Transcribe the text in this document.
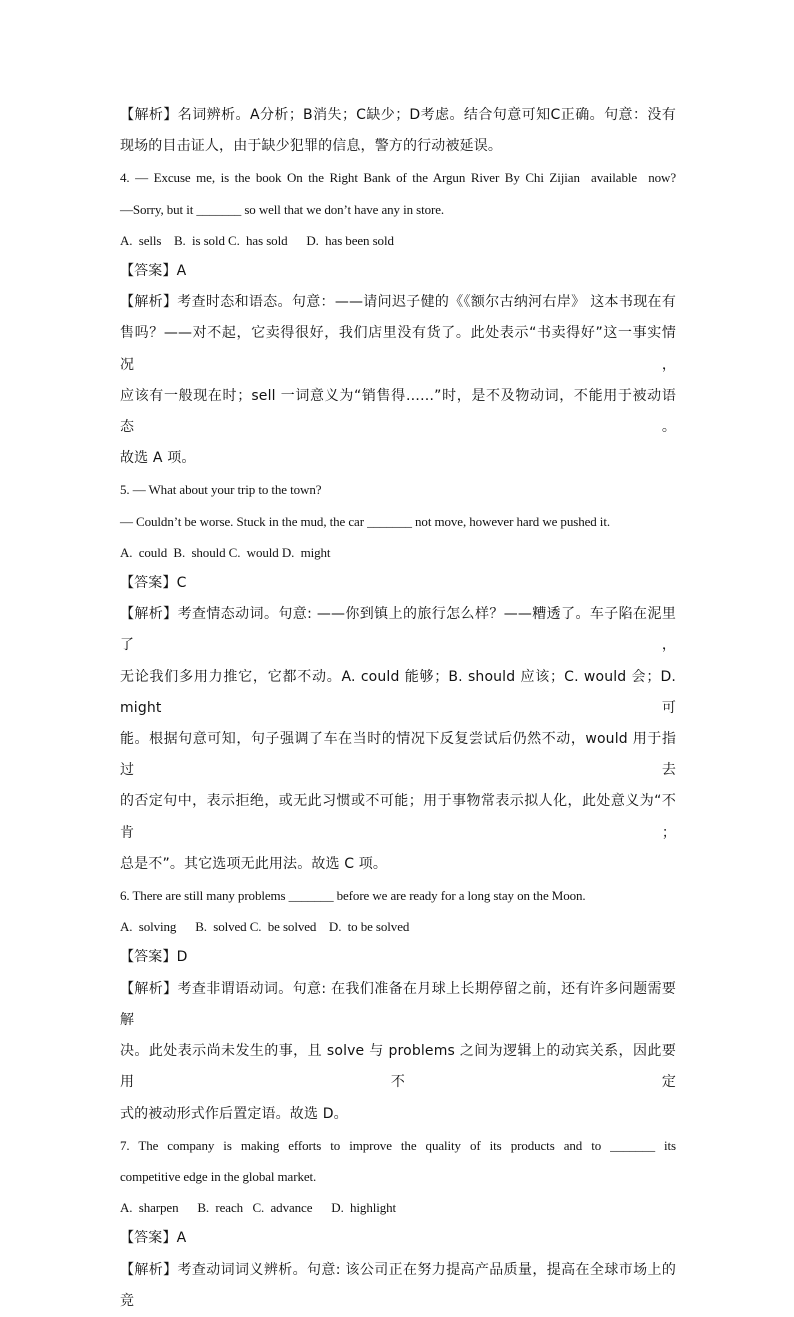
【解析】名词辨析。A分析；B消失；C缺少；D考虑。结合句意可知C正确。句意：没有
现场的目击证人，由于缺少犯罪的信息，警方的行动被延误。
4. — Excuse me, is the book On the Right Bank of the Argun River By Chi Zijian  available  now?
—Sorry, but it _______ so well that we don’t have any in store.
A.  sells    B.  is sold C.  has sold      D.  has been sold
【答案】A
【解析】考查时态和语态。句意：——请问迟子健的《《额尔古纳河右岸》 这本书现在有
售吗？——对不起，它卖得很好，我们店里没有货了。此处表示“书卖得好”这一事实情况，
应该有一般现在时；sell 一词意义为“销售得……”时，是不及物动词，不能用于被动语态。
故选 A 项。
5. — What about your trip to the town?
— Couldn’t be worse. Stuck in the mud, the car _______ not move, however hard we pushed it.
A.  could  B.  should C.  would D.  might
【答案】C
【解析】考查情态动词。句意: ——你到镇上的旅行怎么样？——糟透了。车子陷在泥里了，
无论我们多用力推它，它都不动。A. could 能够；B. should 应该；C. would 会；D. might 可
能。根据句意可知，句子强调了车在当时的情况下反复尝试后仍然不动，would 用于指过去
的否定句中，表示拒绝，或无此习惯或不可能；用于事物常表示拟人化，此处意义为“不肯；
总是不”。其它选项无此用法。故选 C 项。
6. There are still many problems _______ before we are ready for a long stay on the Moon.
A.  solving      B.  solved C.  be solved    D.  to be solved
【答案】D
【解析】考查非谓语动词。句意: 在我们准备在月球上长期停留之前，还有许多问题需要解
决。此处表示尚未发生的事，且 solve 与 problems 之间为逻辑上的动宾关系，因此要用不定
式的被动形式作后置定语。故选 D。
7.  The  company  is  making  efforts  to  improve  the  quality  of  its  products  and  to  _______  its
competitive edge in the global market.
A.  sharpen      B.  reach   C.  advance      D.  highlight
【答案】A
【解析】考查动词词义辨析。句意: 该公司正在努力提高产品质量，提高在全球市场上的竞
